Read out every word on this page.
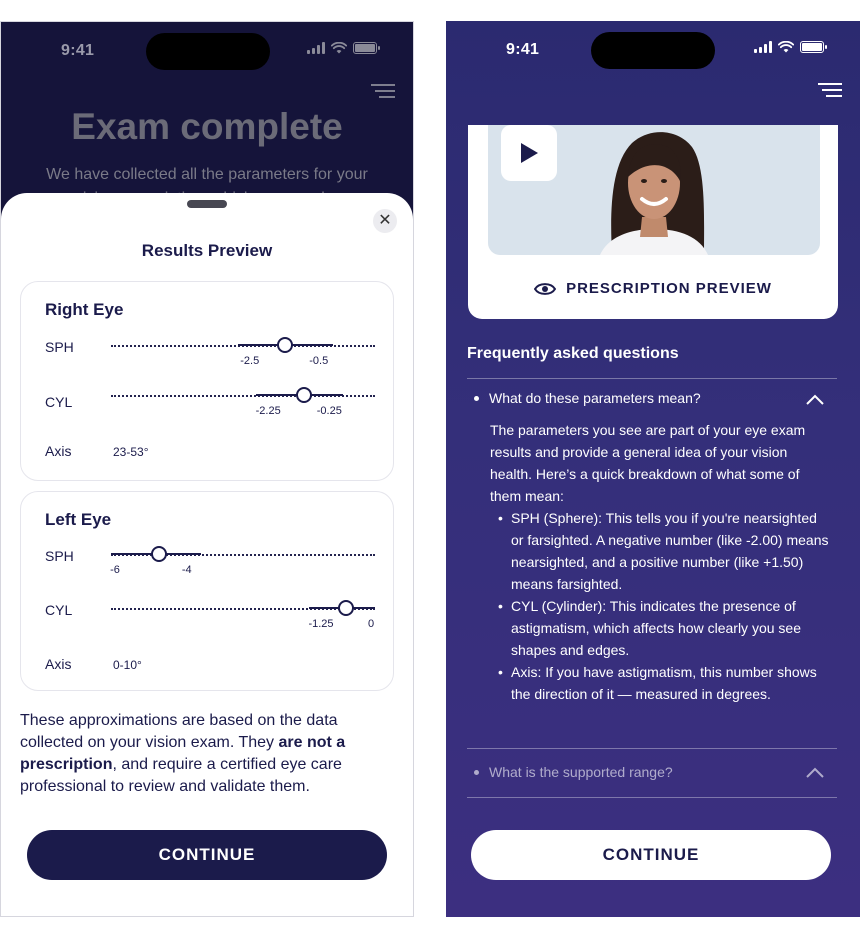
9:41
Exam complete
We have collected all the parameters for your
✕
Results Preview
Right Eye
SPH
-2.5	-0.5
CYL
-2.25	-0.25
Axis	23-53°
Left Eye
SPH
-6	-4
CYL
-1.25	0
Axis	0-10°
These approximations are based on the data collected on your vision exam. They are not a prescription, and require a certified eye care professional to review and validate them.
CONTINUE
9:41
PRESCRIPTION PREVIEW
Frequently asked questions
What do these parameters mean?

The parameters you see are part of your eye exam results and provide a general idea of your vision health. Here’s a quick breakdown of what some of them mean:

• SPH (Sphere): This tells you if you're nearsighted or farsighted. A negative number (like -2.00) means nearsighted, and a positive number (like +1.50) means farsighted.
• CYL (Cylinder): This indicates the presence of astigmatism, which affects how clearly you see shapes and edges.
• Axis: If you have astigmatism, this number shows the direction of it — measured in degrees.
What is the supported range?
CONTINUE
